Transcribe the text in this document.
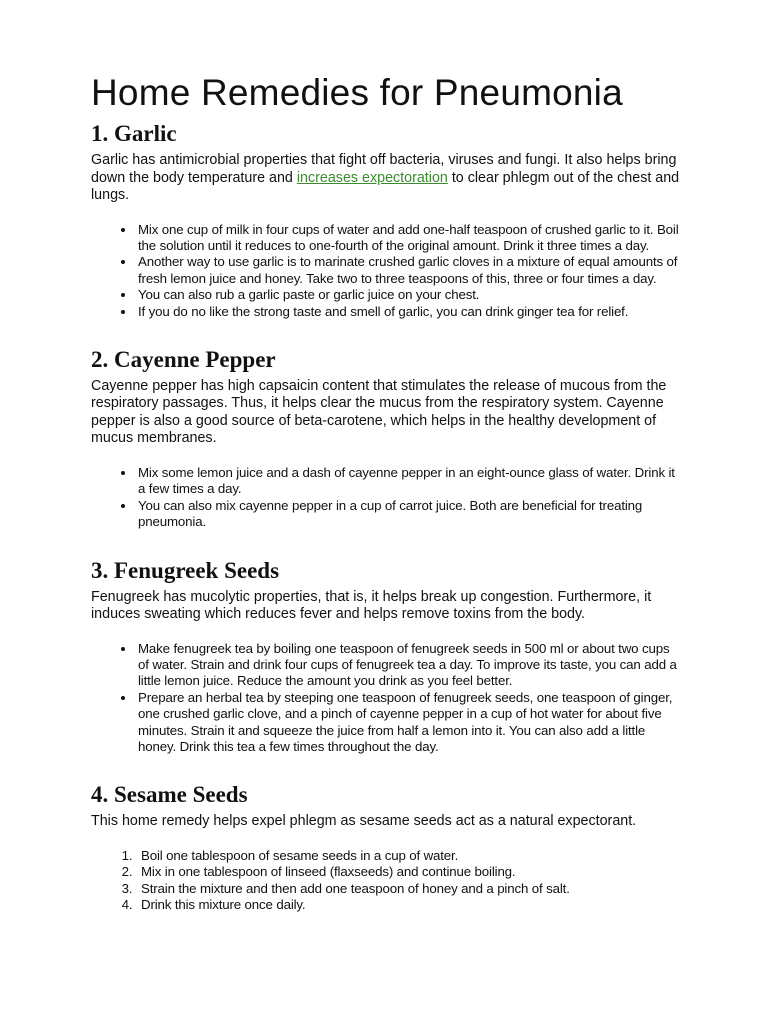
Home Remedies for Pneumonia
1. Garlic

Garlic has antimicrobial properties that fight off bacteria, viruses and fungi. It also helps bring down the body temperature and increases expectoration to clear phlegm out of the chest and lungs.

• Mix one cup of milk in four cups of water and add one-half teaspoon of crushed garlic to it. Boil the solution until it reduces to one-fourth of the original amount. Drink it three times a day.
• Another way to use garlic is to marinate crushed garlic cloves in a mixture of equal amounts of fresh lemon juice and honey. Take two to three teaspoons of this, three or four times a day.
• You can also rub a garlic paste or garlic juice on your chest.
• If you do no like the strong taste and smell of garlic, you can drink ginger tea for relief.
2. Cayenne Pepper

Cayenne pepper has high capsaicin content that stimulates the release of mucous from the respiratory passages. Thus, it helps clear the mucus from the respiratory system. Cayenne pepper is also a good source of beta-carotene, which helps in the healthy development of mucus membranes.

• Mix some lemon juice and a dash of cayenne pepper in an eight-ounce glass of water. Drink it a few times a day.
• You can also mix cayenne pepper in a cup of carrot juice. Both are beneficial for treating pneumonia.
3. Fenugreek Seeds

Fenugreek has mucolytic properties, that is, it helps break up congestion. Furthermore, it induces sweating which reduces fever and helps remove toxins from the body.

• Make fenugreek tea by boiling one teaspoon of fenugreek seeds in 500 ml or about two cups of water. Strain and drink four cups of fenugreek tea a day. To improve its taste, you can add a little lemon juice. Reduce the amount you drink as you feel better.
• Prepare an herbal tea by steeping one teaspoon of fenugreek seeds, one teaspoon of ginger, one crushed garlic clove, and a pinch of cayenne pepper in a cup of hot water for about five minutes. Strain it and squeeze the juice from half a lemon into it. You can also add a little honey. Drink this tea a few times throughout the day.
4. Sesame Seeds

This home remedy helps expel phlegm as sesame seeds act as a natural expectorant.

1. Boil one tablespoon of sesame seeds in a cup of water.
2. Mix in one tablespoon of linseed (flaxseeds) and continue boiling.
3. Strain the mixture and then add one teaspoon of honey and a pinch of salt.
4. Drink this mixture once daily.
